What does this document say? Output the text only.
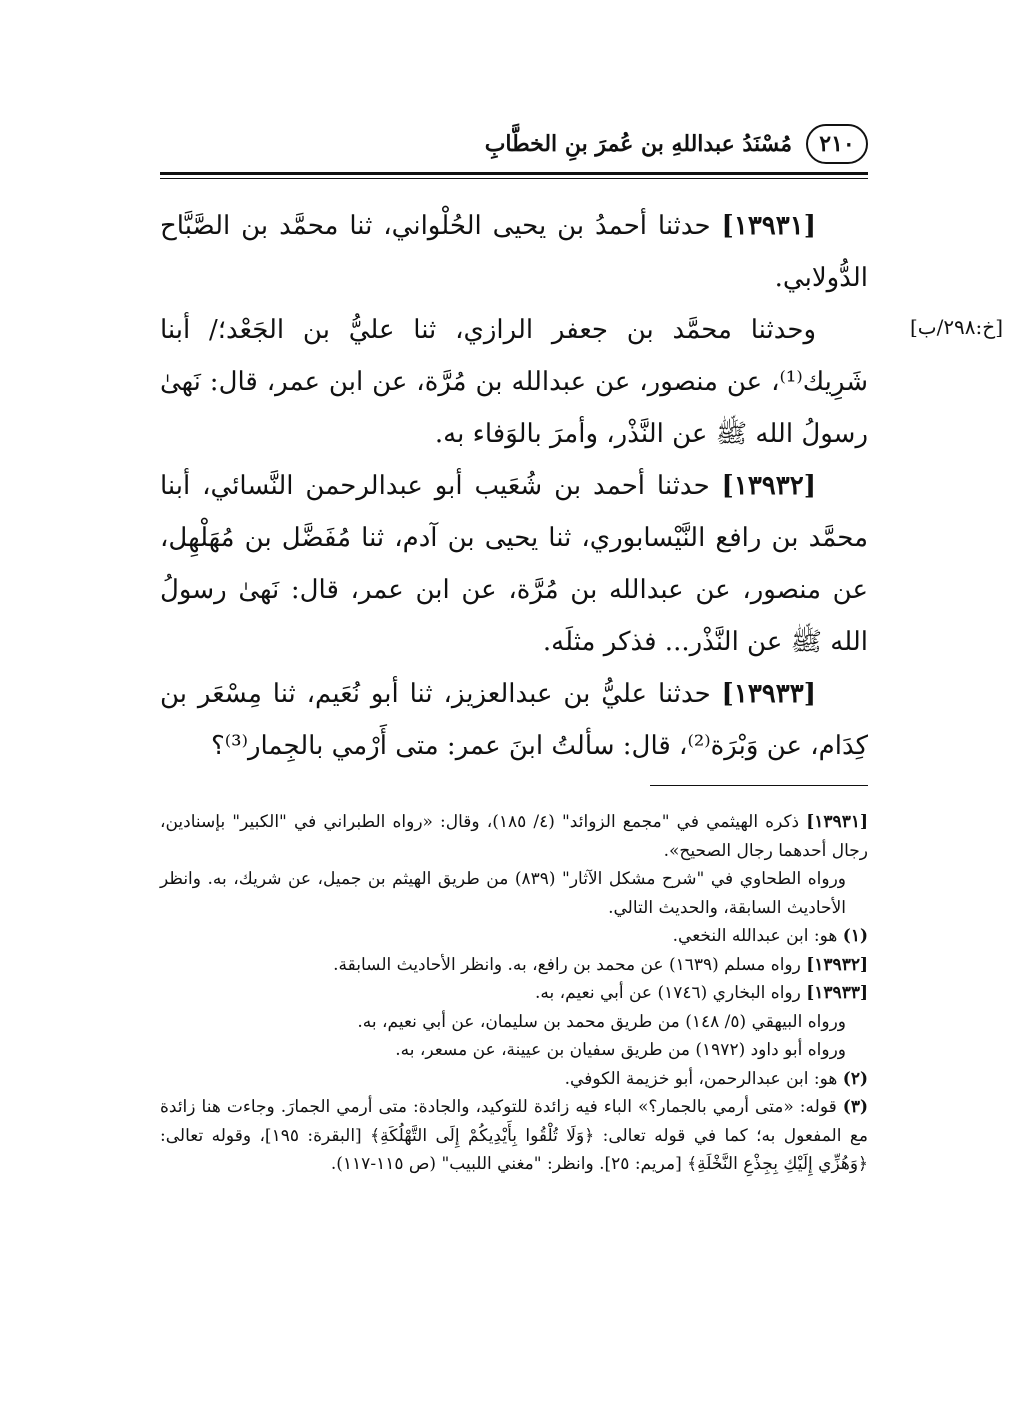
٢١٠
مُسْنَدُ عبداللهِ بن عُمرَ بنِ الخطَّابِ
[خ:٢٩٨/ب]

[١٣٩٣١] حدثنا أحمدُ بن يحيى الحُلْواني، ثنا محمَّد بن الصَّبَّاح الدُّولابي.

وحدثنا محمَّد بن جعفر الرازي، ثنا عليُّ بن الجَعْد؛/ أبنا شَرِيك⁽¹⁾، عن منصور، عن عبدالله بن مُرَّة، عن ابن عمر، قال: نَهىٰ رسولُ الله ﷺ عن النَّذْر، وأمرَ بالوَفاء به.

[١٣٩٣٢] حدثنا أحمد بن شُعَيب أبو عبدالرحمن النَّسائي، أبنا محمَّد بن رافع النَّيْسابوري، ثنا يحيى بن آدم، ثنا مُفَضَّل بن مُهَلْهِل، عن منصور، عن عبدالله بن مُرَّة، عن ابن عمر، قال: نَهىٰ رسولُ الله ﷺ عن النَّذْر... فذكر مثلَه.

[١٣٩٣٣] حدثنا عليُّ بن عبدالعزيز، ثنا أبو نُعَيم، ثنا مِسْعَر بن كِدَام، عن وَبْرَة⁽²⁾، قال: سألتُ ابنَ عمر: متى أَرْمي بالجِمار⁽³⁾؟

[١٣٩٣١] ذكره الهيثمي في "مجمع الزوائد" (٤/ ١٨٥)، وقال: «رواه الطبراني في "الكبير" بإسنادين، رجال أحدهما رجال الصحيح».

ورواه الطحاوي في "شرح مشكل الآثار" (٨٣٩) من طريق الهيثم بن جميل، عن شريك، به. وانظر الأحاديث السابقة، والحديث التالي.

(١) هو: ابن عبدالله النخعي.

[١٣٩٣٢] رواه مسلم (١٦٣٩) عن محمد بن رافع، به. وانظر الأحاديث السابقة.

[١٣٩٣٣] رواه البخاري (١٧٤٦) عن أبي نعيم، به.

ورواه البيهقي (٥/ ١٤٨) من طريق محمد بن سليمان، عن أبي نعيم، به.

ورواه أبو داود (١٩٧٢) من طريق سفيان بن عيينة، عن مسعر، به.

(٢) هو: ابن عبدالرحمن، أبو خزيمة الكوفي.

(٣) قوله: «متى أرمي بالجمار؟» الباء فيه زائدة للتوكيد، والجادة: متى أرمي الجمارَ. وجاءت هنا زائدة مع المفعول به؛ كما في قوله تعالى: ﴿وَلَا تُلْقُوا بِأَيْدِيكُمْ إِلَى التَّهْلُكَةِ﴾ [البقرة: ١٩٥]، وقوله تعالى: ﴿وَهُزِّي إِلَيْكِ بِجِذْعِ النَّخْلَةِ﴾ [مريم: ٢٥]. وانظر: "مغني اللبيب" (ص ١١٥-١١٧).
